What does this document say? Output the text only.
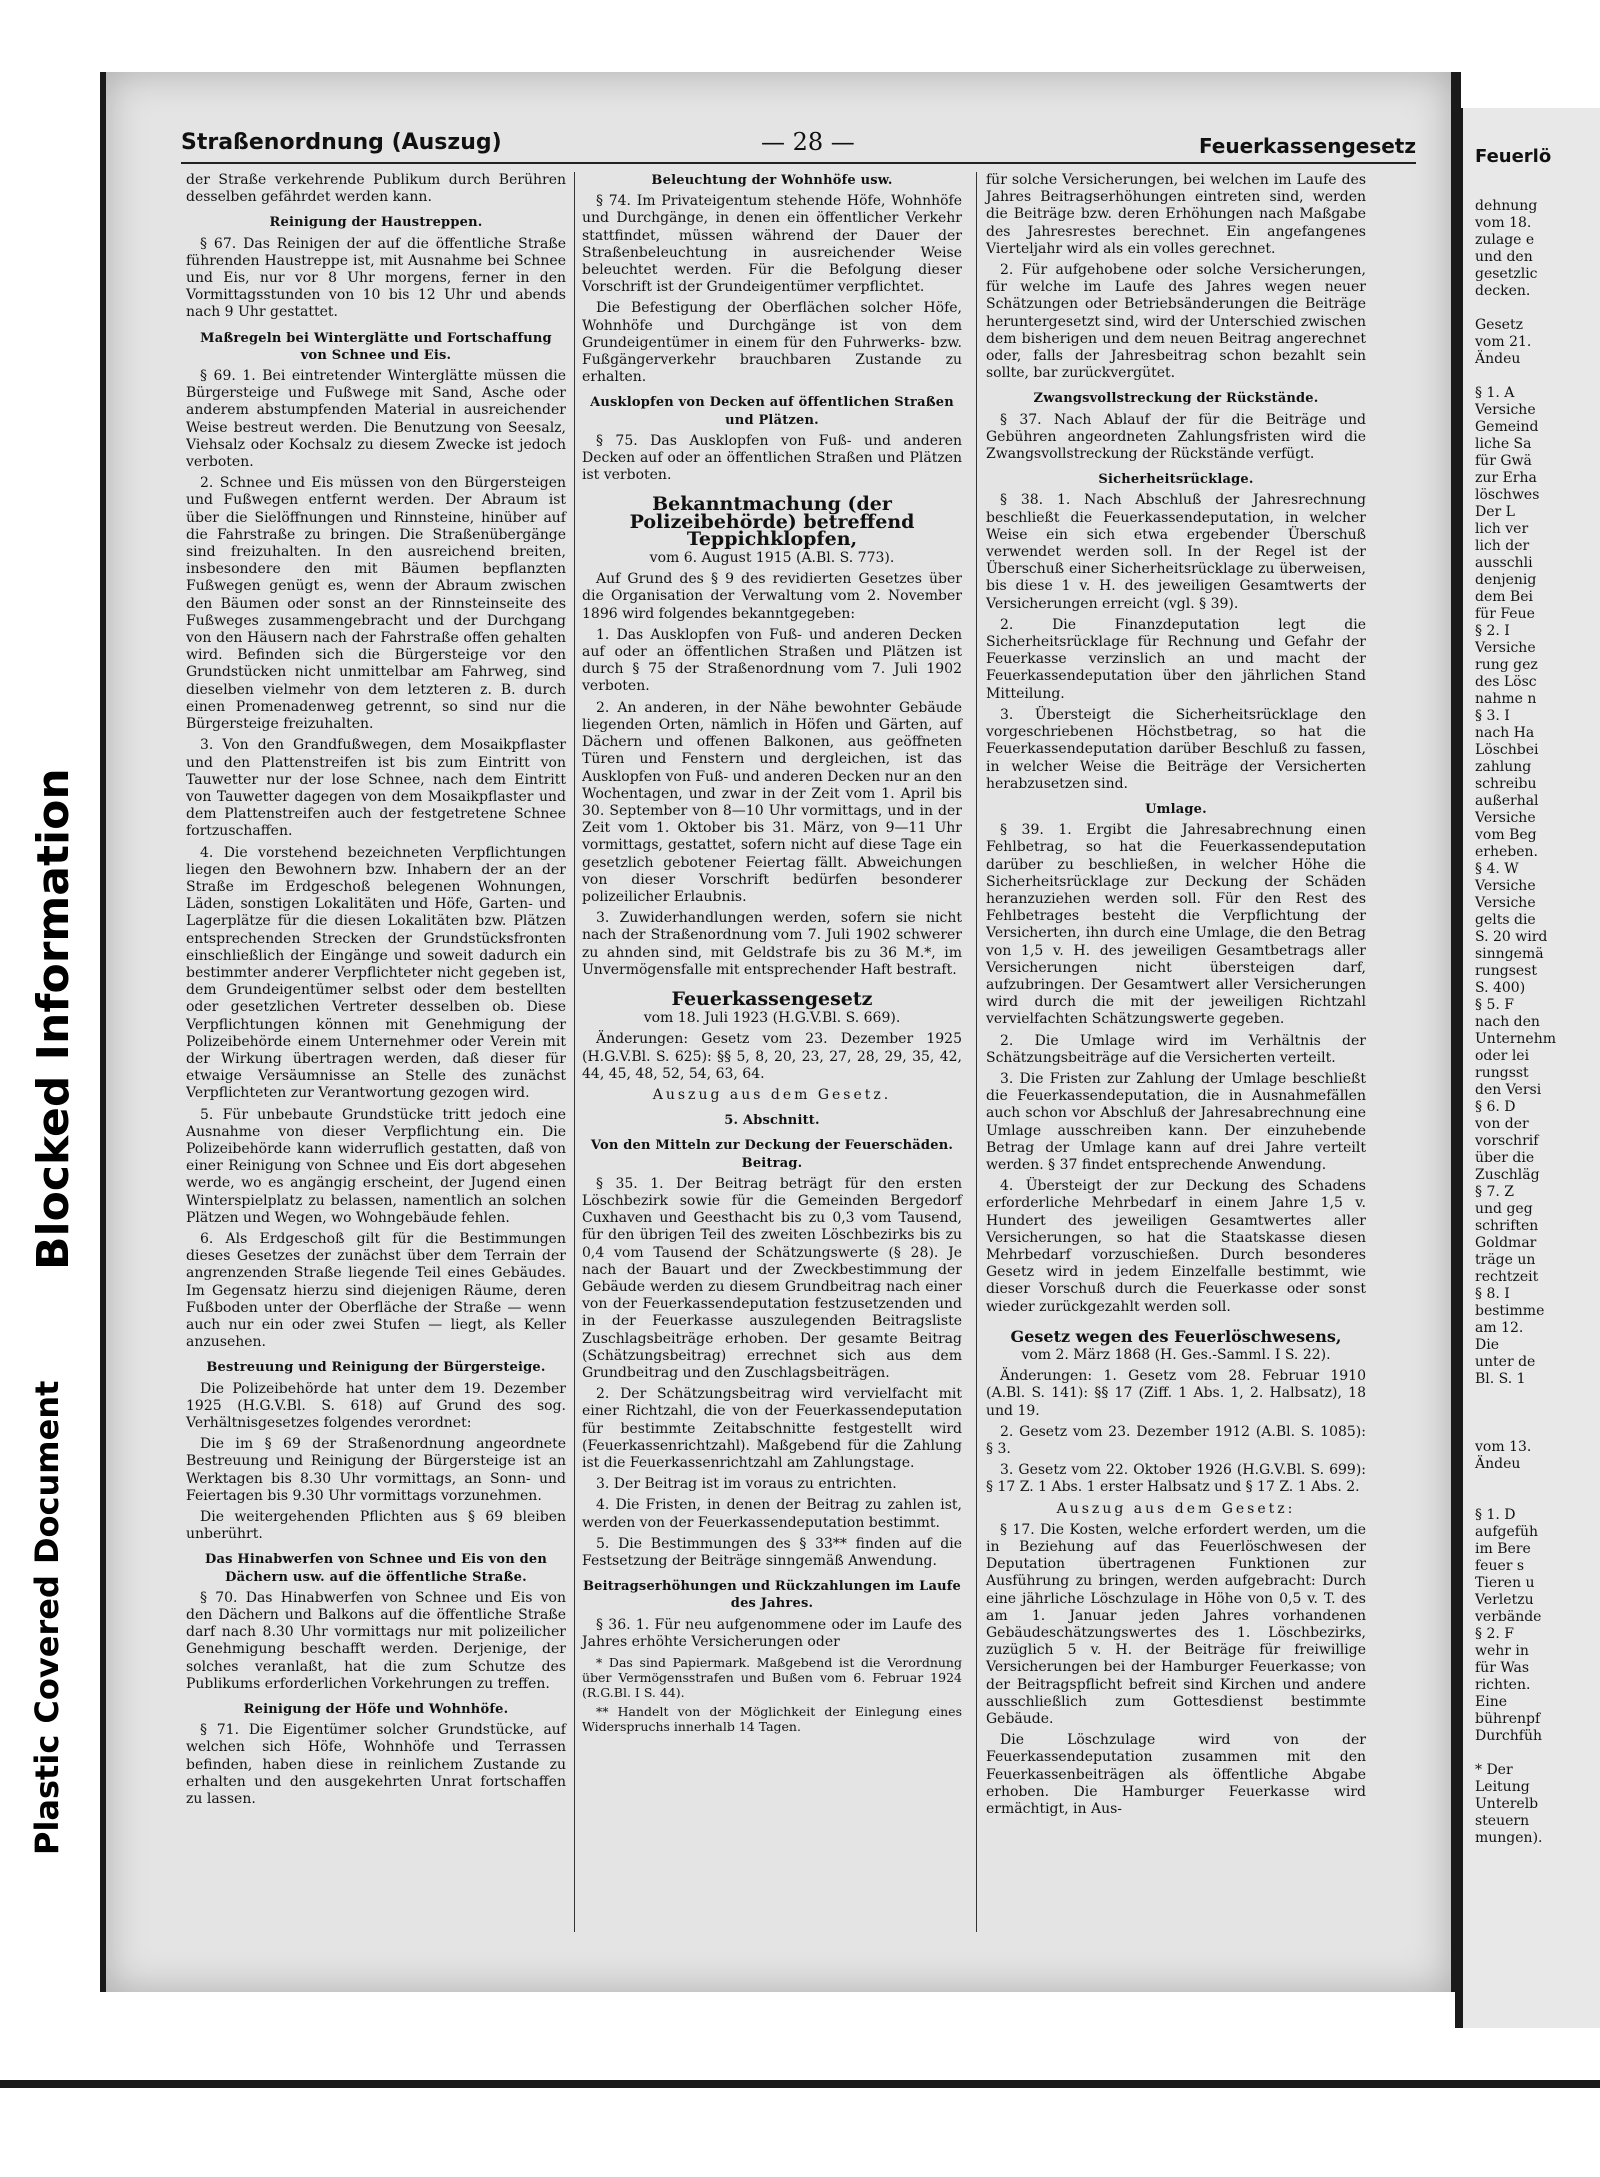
Blocked Information
Plastic Covered Document
Straßenordnung (Auszug)	— 28 —	Feuerkassengesetz

der Straße verkehrende Publikum durch Berühren desselben gefährdet werden kann.

Reinigung der Haustreppen.

§ 67. Das Reinigen der auf die öffentliche Straße führenden Haustreppe ist, mit Ausnahme bei Schnee und Eis, nur vor 8 Uhr morgens, ferner in den Vormittagsstunden von 10 bis 12 Uhr und abends nach 9 Uhr gestattet.

Maßregeln bei Winterglätte und Fortschaffung von Schnee und Eis.

§ 69. 1. Bei eintretender Winterglätte müssen die Bürgersteige und Fußwege mit Sand, Asche oder anderem abstumpfenden Material in ausreichender Weise bestreut werden. Die Benutzung von Seesalz, Viehsalz oder Kochsalz zu diesem Zwecke ist jedoch verboten.

2. Schnee und Eis müssen von den Bürgersteigen und Fußwegen entfernt werden. Der Abraum ist über die Sielöffnungen und Rinnsteine, hinüber auf die Fahrstraße zu bringen. Die Straßenübergänge sind freizuhalten. In den ausreichend breiten, insbesondere den mit Bäumen bepflanzten Fußwegen genügt es, wenn der Abraum zwischen den Bäumen oder sonst an der Rinnsteinseite des Fußweges zusammengebracht und der Durchgang von den Häusern nach der Fahrstraße offen gehalten wird. Befinden sich die Bürgersteige vor den Grundstücken nicht unmittelbar am Fahrweg, sind dieselben vielmehr von dem letzteren z. B. durch einen Promenadenweg getrennt, so sind nur die Bürgersteige freizuhalten.

3. Von den Grandfußwegen, dem Mosaikpflaster und den Plattenstreifen ist bis zum Eintritt von Tauwetter nur der lose Schnee, nach dem Eintritt von Tauwetter dagegen von dem Mosaikpflaster und dem Plattenstreifen auch der festgetretene Schnee fortzuschaffen.

4. Die vorstehend bezeichneten Verpflichtungen liegen den Bewohnern bzw. Inhabern der an der Straße im Erdgeschoß belegenen Wohnungen, Läden, sonstigen Lokalitäten und Höfe, Garten- und Lagerplätze für die diesen Lokalitäten bzw. Plätzen entsprechenden Strecken der Grundstücksfronten einschließlich der Eingänge und soweit dadurch ein bestimmter anderer Verpflichteter nicht gegeben ist, dem Grundeigentümer selbst oder dem bestellten oder gesetzlichen Vertreter desselben ob. Diese Verpflichtungen können mit Genehmigung der Polizeibehörde einem Unternehmer oder Verein mit der Wirkung übertragen werden, daß dieser für etwaige Versäumnisse an Stelle des zunächst Verpflichteten zur Verantwortung gezogen wird.

5. Für unbebaute Grundstücke tritt jedoch eine Ausnahme von dieser Verpflichtung ein. Die Polizeibehörde kann widerruflich gestatten, daß von einer Reinigung von Schnee und Eis dort abgesehen werde, wo es angängig erscheint, der Jugend einen Winterspielplatz zu belassen, namentlich an solchen Plätzen und Wegen, wo Wohngebäude fehlen.

6. Als Erdgeschoß gilt für die Bestimmungen dieses Gesetzes der zunächst über dem Terrain der angrenzenden Straße liegende Teil eines Gebäudes. Im Gegensatz hierzu sind diejenigen Räume, deren Fußboden unter der Oberfläche der Straße — wenn auch nur ein oder zwei Stufen — liegt, als Keller anzusehen.

Bestreuung und Reinigung der Bürgersteige.

Die Polizeibehörde hat unter dem 19. Dezember 1925 (H.G.V.Bl. S. 618) auf Grund des sog. Verhältnisgesetzes folgendes verordnet:

Die im § 69 der Straßenordnung angeordnete Bestreuung und Reinigung der Bürgersteige ist an Werktagen bis 8.30 Uhr vormittags, an Sonn- und Feiertagen bis 9.30 Uhr vormittags vorzunehmen.

Die weitergehenden Pflichten aus § 69 bleiben unberührt.

Das Hinabwerfen von Schnee und Eis von den Dächern usw. auf die öffentliche Straße.

§ 70. Das Hinabwerfen von Schnee und Eis von den Dächern und Balkons auf die öffentliche Straße darf nach 8.30 Uhr vormittags nur mit polizeilicher Genehmigung beschafft werden. Derjenige, der solches veranlaßt, hat die zum Schutze des Publikums erforderlichen Vorkehrungen zu treffen.

Reinigung der Höfe und Wohnhöfe.

§ 71. Die Eigentümer solcher Grundstücke, auf welchen sich Höfe, Wohnhöfe und Terrassen befinden, haben diese in reinlichem Zustande zu erhalten und den ausgekehrten Unrat fortschaffen zu lassen.

Beleuchtung der Wohnhöfe usw.

§ 74. Im Privateigentum stehende Höfe, Wohnhöfe und Durchgänge, in denen ein öffentlicher Verkehr stattfindet, müssen während der Dauer der Straßenbeleuchtung in ausreichender Weise beleuchtet werden. Für die Befolgung dieser Vorschrift ist der Grundeigentümer verpflichtet.

Die Befestigung der Oberflächen solcher Höfe, Wohnhöfe und Durchgänge ist von dem Grundeigentümer in einem für den Fuhrwerks- bzw. Fußgängerverkehr brauchbaren Zustande zu erhalten.

Ausklopfen von Decken auf öffentlichen Straßen und Plätzen.

§ 75. Das Ausklopfen von Fuß- und anderen Decken auf oder an öffentlichen Straßen und Plätzen ist verboten.

Bekanntmachung (der Polizeibehörde) betreffend Teppichklopfen,

vom 6. August 1915 (A.Bl. S. 773).

Auf Grund des § 9 des revidierten Gesetzes über die Organisation der Verwaltung vom 2. November 1896 wird folgendes bekanntgegeben:

1. Das Ausklopfen von Fuß- und anderen Decken auf oder an öffentlichen Straßen und Plätzen ist durch § 75 der Straßenordnung vom 7. Juli 1902 verboten.

2. An anderen, in der Nähe bewohnter Gebäude liegenden Orten, nämlich in Höfen und Gärten, auf Dächern und offenen Balkonen, aus geöffneten Türen und Fenstern und dergleichen, ist das Ausklopfen von Fuß- und anderen Decken nur an den Wochentagen, und zwar in der Zeit vom 1. April bis 30. September von 8—10 Uhr vormittags, und in der Zeit vom 1. Oktober bis 31. März, von 9—11 Uhr vormittags, gestattet, sofern nicht auf diese Tage ein gesetzlich gebotener Feiertag fällt. Abweichungen von dieser Vorschrift bedürfen besonderer polizeilicher Erlaubnis.

3. Zuwiderhandlungen werden, sofern sie nicht nach der Straßenordnung vom 7. Juli 1902 schwerer zu ahnden sind, mit Geldstrafe bis zu 36 M.*, im Unvermögensfalle mit entsprechender Haft bestraft.

Feuerkassengesetz

vom 18. Juli 1923 (H.G.V.Bl. S. 669).

Änderungen: Gesetz vom 23. Dezember 1925 (H.G.V.Bl. S. 625): §§ 5, 8, 20, 23, 27, 28, 29, 35, 42, 44, 45, 48, 52, 54, 63, 64.

Auszug aus dem Gesetz.

5. Abschnitt.
Von den Mitteln zur Deckung der Feuerschäden. Beitrag.

§ 35. 1. Der Beitrag beträgt für den ersten Löschbezirk sowie für die Gemeinden Bergedorf Cuxhaven und Geesthacht bis zu 0,3 vom Tausend, für den übrigen Teil des zweiten Löschbezirks bis zu 0,4 vom Tausend der Schätzungswerte (§ 28). Je nach der Bauart und der Zweckbestimmung der Gebäude werden zu diesem Grundbeitrag nach einer von der Feuerkassendeputation festzusetzenden und in der Feuerkasse auszulegenden Beitragsliste Zuschlagsbeiträge erhoben. Der gesamte Beitrag (Schätzungsbeitrag) errechnet sich aus dem Grundbeitrag und den Zuschlagsbeiträgen.

2. Der Schätzungsbeitrag wird vervielfacht mit einer Richtzahl, die von der Feuerkassendeputation für bestimmte Zeitabschnitte festgestellt wird (Feuerkassenrichtzahl). Maßgebend für die Zahlung ist die Feuerkassenrichtzahl am Zahlungstage.

3. Der Beitrag ist im voraus zu entrichten.

4. Die Fristen, in denen der Beitrag zu zahlen ist, werden von der Feuerkassendeputation bestimmt.

5. Die Bestimmungen des § 33** finden auf die Festsetzung der Beiträge sinngemäß Anwendung.

Beitragserhöhungen und Rückzahlungen im Laufe des Jahres.

§ 36. 1. Für neu aufgenommene oder im Laufe des Jahres erhöhte Versicherungen oder

* Das sind Papiermark. Maßgebend ist die Verordnung über Vermögensstrafen und Bußen vom 6. Februar 1924 (R.G.Bl. I S. 44).

** Handelt von der Möglichkeit der Einlegung eines Widerspruchs innerhalb 14 Tagen.

für solche Versicherungen, bei welchen im Laufe des Jahres Beitragserhöhungen eintreten sind, werden die Beiträge bzw. deren Erhöhungen nach Maßgabe des Jahresrestes berechnet. Ein angefangenes Vierteljahr wird als ein volles gerechnet.

2. Für aufgehobene oder solche Versicherungen, für welche im Laufe des Jahres wegen neuer Schätzungen oder Betriebsänderungen die Beiträge heruntergesetzt sind, wird der Unterschied zwischen dem bisherigen und dem neuen Beitrag angerechnet oder, falls der Jahresbeitrag schon bezahlt sein sollte, bar zurückvergütet.

Zwangsvollstreckung der Rückstände.

§ 37. Nach Ablauf der für die Beiträge und Gebühren angeordneten Zahlungsfristen wird die Zwangsvollstreckung der Rückstände verfügt.

Sicherheitsrücklage.

§ 38. 1. Nach Abschluß der Jahresrechnung beschließt die Feuerkassendeputation, in welcher Weise ein sich etwa ergebender Überschuß verwendet werden soll. In der Regel ist der Überschuß einer Sicherheitsrücklage zu überweisen, bis diese 1 v. H. des jeweiligen Gesamtwerts der Versicherungen erreicht (vgl. § 39).

2. Die Finanzdeputation legt die Sicherheitsrücklage für Rechnung und Gefahr der Feuerkasse verzinslich an und macht der Feuerkassendeputation über den jährlichen Stand Mitteilung.

3. Übersteigt die Sicherheitsrücklage den vorgeschriebenen Höchstbetrag, so hat die Feuerkassendeputation darüber Beschluß zu fassen, in welcher Weise die Beiträge der Versicherten herabzusetzen sind.

Umlage.

§ 39. 1. Ergibt die Jahresabrechnung einen Fehlbetrag, so hat die Feuerkassendeputation darüber zu beschließen, in welcher Höhe die Sicherheitsrücklage zur Deckung der Schäden heranzuziehen werden soll. Für den Rest des Fehlbetrages besteht die Verpflichtung der Versicherten, ihn durch eine Umlage, die den Betrag von 1,5 v. H. des jeweiligen Gesamtbetrags aller Versicherungen nicht übersteigen darf, aufzubringen. Der Gesamtwert aller Versicherungen wird durch die mit der jeweiligen Richtzahl vervielfachten Schätzungswerte gegeben.

2. Die Umlage wird im Verhältnis der Schätzungsbeiträge auf die Versicherten verteilt.

3. Die Fristen zur Zahlung der Umlage beschließt die Feuerkassendeputation, die in Ausnahmefällen auch schon vor Abschluß der Jahresabrechnung eine Umlage ausschreiben kann. Der einzuhebende Betrag der Umlage kann auf drei Jahre verteilt werden. § 37 findet entsprechende Anwendung.

4. Übersteigt der zur Deckung des Schadens erforderliche Mehrbedarf in einem Jahre 1,5 v. Hundert des jeweiligen Gesamtwertes aller Versicherungen, so hat die Staatskasse diesen Mehrbedarf vorzuschießen. Durch besonderes Gesetz wird in jedem Einzelfalle bestimmt, wie dieser Vorschuß durch die Feuerkasse oder sonst wieder zurückgezahlt werden soll.

Gesetz wegen des Feuerlöschwesens,

vom 2. März 1868 (H. Ges.-Samml. I S. 22).

Änderungen: 1. Gesetz vom 28. Februar 1910 (A.Bl. S. 141): §§ 17 (Ziff. 1 Abs. 1, 2. Halbsatz), 18 und 19.

2. Gesetz vom 23. Dezember 1912 (A.Bl. S. 1085): § 3.

3. Gesetz vom 22. Oktober 1926 (H.G.V.Bl. S. 699): § 17 Z. 1 Abs. 1 erster Halbsatz und § 17 Z. 1 Abs. 2.

Auszug aus dem Gesetz:

§ 17. Die Kosten, welche erfordert werden, um die in Beziehung auf das Feuerlöschwesen der Deputation übertragenen Funktionen zur Ausführung zu bringen, werden aufgebracht: Durch eine jährliche Löschzulage in Höhe von 0,5 v. T. des am 1. Januar jeden Jahres vorhandenen Gebäudeschätzungswertes des 1. Löschbezirks, zuzüglich 5 v. H. der Beiträge für freiwillige Versicherungen bei der Hamburger Feuerkasse; von der Beitragspflicht befreit sind Kirchen und andere ausschließlich zum Gottesdienst bestimmte Gebäude.

Die Löschzulage wird von der Feuerkassendeputation zusammen mit den Feuerkassenbeiträgen als öffentliche Abgabe erhoben. Die Hamburger Feuerkasse wird ermächtigt, in Aus-

Feuerlö
dehnung
vom 18.
zulage e
und den
gesetzlic
decken.

Gesetz
vom 21.
Ändeu

§ 1. A
Versiche
Gemeind
liche Sa
für Gwä
zur Erha
löschwes
Der L
lich ver
lich der
ausschli
denjenig
dem Bei
für Feue
§ 2. I
Versiche
rung gez
des Lösc
nahme n
§ 3. I
nach Ha
Löschbei
zahlung
schreibu
außerhal
Versiche
vom Beg
erheben.
§ 4. W
Versiche
Versiche
gelts die
S. 20 wird
sinngemä
rungsest
S. 400)
§ 5. F
nach den
Unternehm
oder lei
rungsst
den Versi
§ 6. D
von der
vorschrif
über die
Zuschläg
§ 7. Z
und geg
schriften
Goldmar
träge un
rechtzeit
§ 8. I
bestimme
am 12.
Die
unter de
Bl. S. 1

vom 13.
Ändeu

§ 1. D
aufgefüh
im Bere
feuer s
Tieren u
Verletzu
verbände
§ 2. F
wehr in
für Was
richten.
Eine
bührenpf
Durchfüh

* Der
Leitung
Unterelb
steuern
mungen).
